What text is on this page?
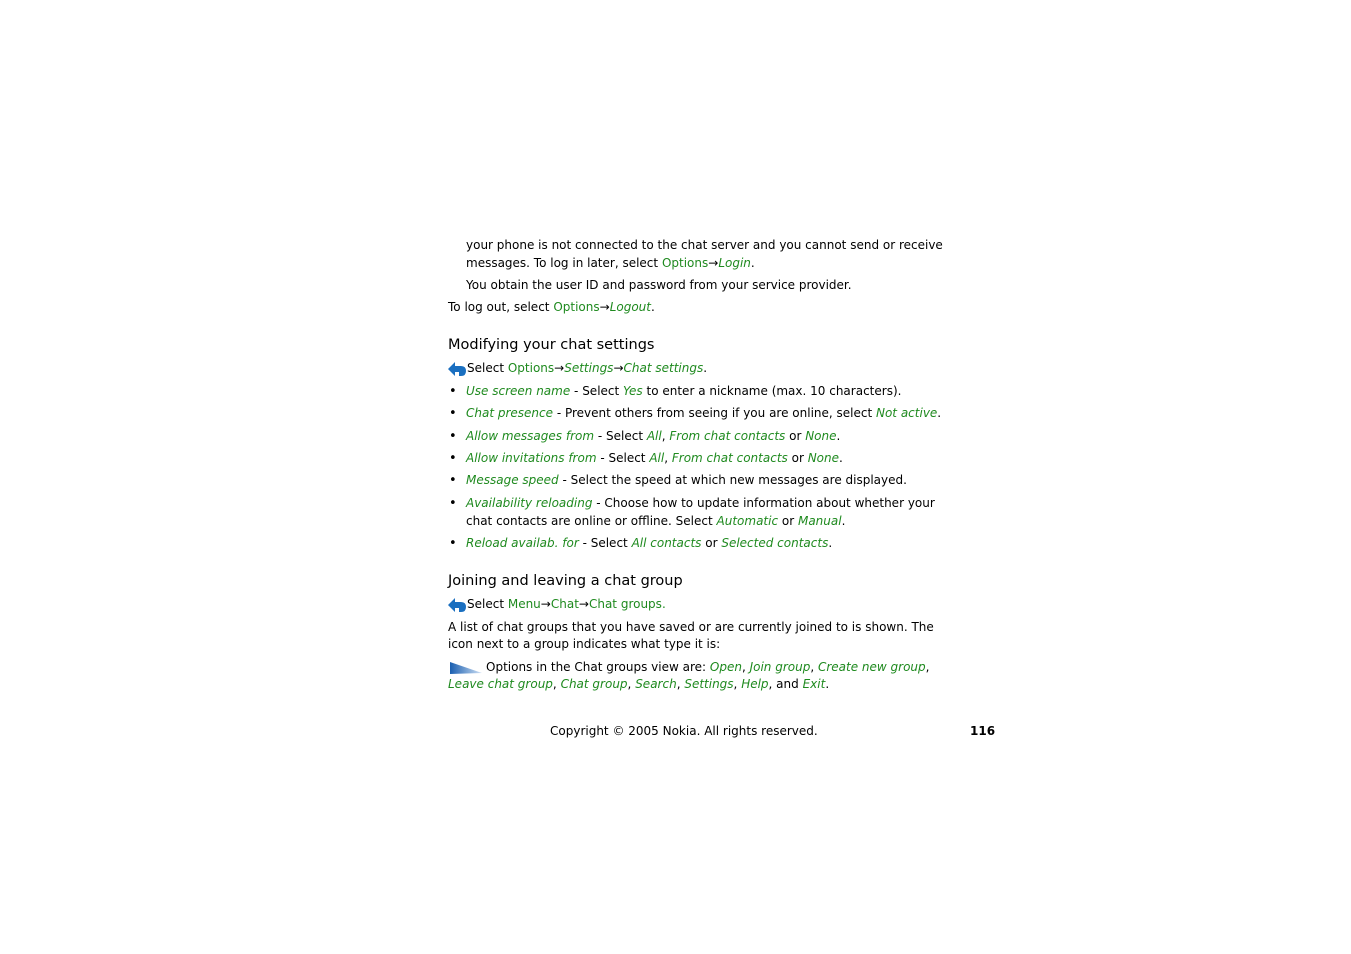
your phone is not connected to the chat server and you cannot send or receive
messages. To log in later, select Options→Login.
You obtain the user ID and password from your service provider.
To log out, select Options→Logout.
Modifying your chat settings
Select Options→Settings→Chat settings.
• Use screen name - Select Yes to enter a nickname (max. 10 characters).
• Chat presence - Prevent others from seeing if you are online, select Not active.
• Allow messages from - Select All, From chat contacts or None.
• Allow invitations from - Select All, From chat contacts or None.
• Message speed - Select the speed at which new messages are displayed.
• Availability reloading - Choose how to update information about whether your
chat contacts are online or offline. Select Automatic or Manual.
• Reload availab. for - Select All contacts or Selected contacts.
Joining and leaving a chat group
Select Menu→Chat→Chat groups.
A list of chat groups that you have saved or are currently joined to is shown. The
icon next to a group indicates what type it is:
Options in the Chat groups view are: Open, Join group, Create new group,
Leave chat group, Chat group, Search, Settings, Help, and Exit.
Copyright © 2005 Nokia. All rights reserved.	116
